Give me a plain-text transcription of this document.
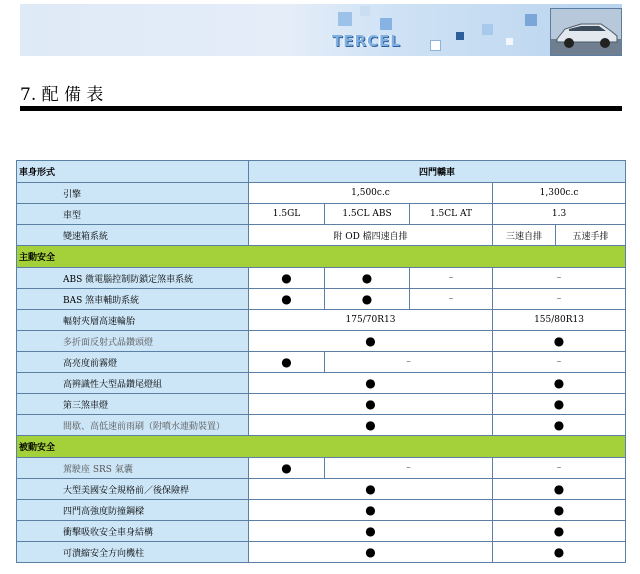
TERCEL
7. 配 備 表
車身形式	四門轎車				
引擎	1,500c.c			1,300c.c	
車型	1.5GL	1.5CL ABS	1.5CL AT	1.3	
變速箱系統	附 OD 檔四速自排			三速自排	五速手排
主動安全					
ABS 微電腦控制防鎖定煞車系統	●	●	–	–	
BAS 煞車輔助系統	●	●	–	–	
輻射夾層高速輪胎	175/70R13			155/80R13	
多折面反射式晶鑽頭燈	●			●	
高亮度前霧燈	●	–		–	
高辨識性大型晶鑽尾燈組	●			●	
第三煞車燈	●			●	
間歇、高低速前雨刷（附噴水連動裝置）	●			●	
被動安全					
駕駛座 SRS 氣囊	●	–		–	
大型美國安全規格前／後保險桿	●			●	
四門高強度防撞鋼樑	●			●	
衝擊吸收安全車身結構	●			●	
可潰縮安全方向機柱	●			●	
